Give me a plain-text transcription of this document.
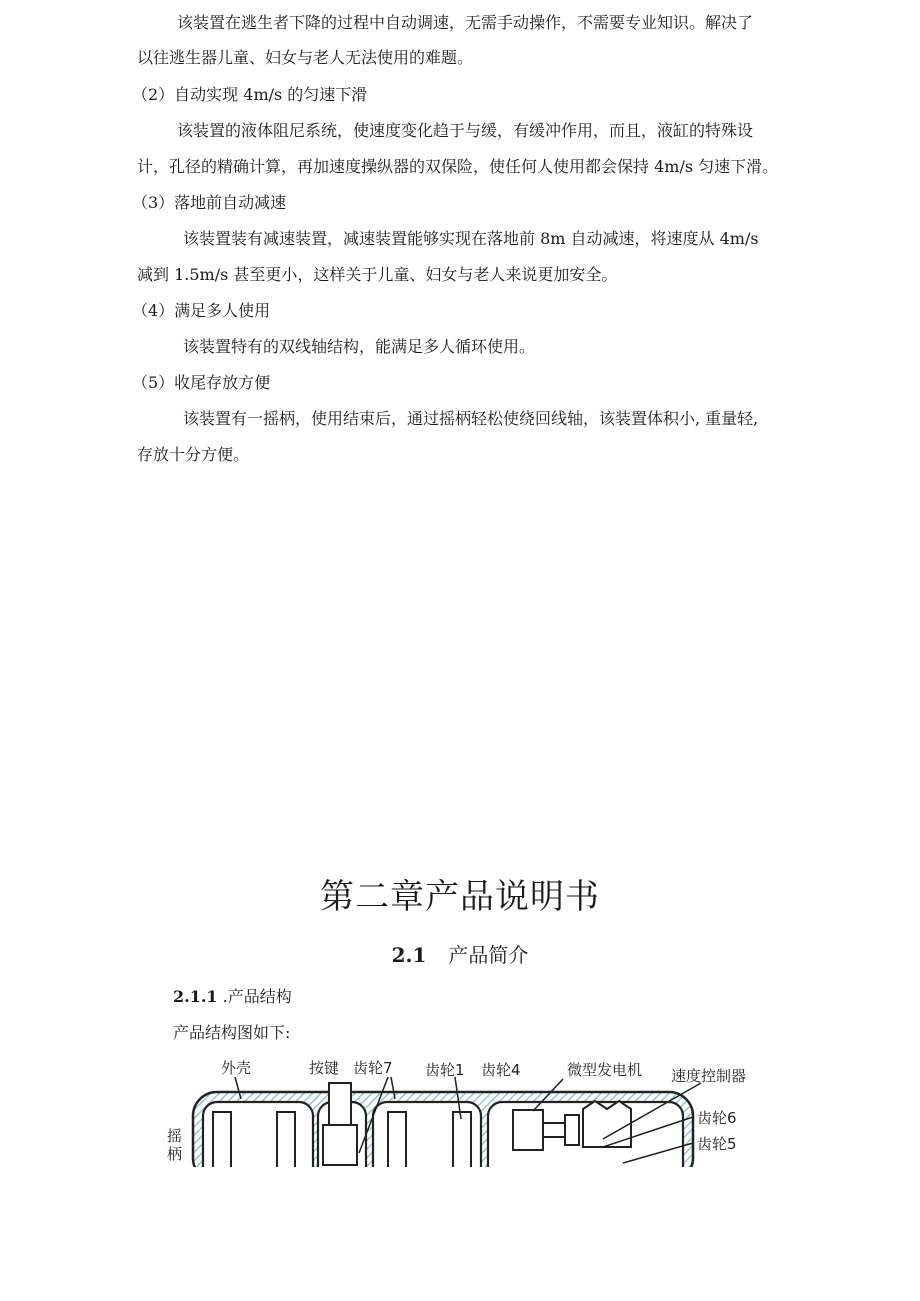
该装置在逃生者下降的过程中自动调速，无需手动操作，不需要专业知识。解决了
以往逃生器儿童、妇女与老人无法使用的难题。
（2）自动实现 4m/s 的匀速下滑
该装置的液体阻尼系统，使速度变化趋于与缓，有缓冲作用，而且，液缸的特殊设
计，孔径的精确计算，再加速度操纵器的双保险，使任何人使用都会保持 4m/s 匀速下滑。
（3）落地前自动减速
该装置装有减速装置，减速装置能够实现在落地前 8m 自动减速，将速度从 4m/s
减到 1.5m/s 甚至更小，这样关于儿童、妇女与老人来说更加安全。
（4）满足多人使用
该装置特有的双线轴结构，能满足多人循环使用。
（5）收尾存放方便
该装置有一摇柄，使用结束后，通过摇柄轻松使绕回线轴，该装置体积小, 重量轻,
存放十分方便。
第二章产品说明书
2.1 产品简介
2.1.1 .产品结构
产品结构图如下:
外壳	按键 齿轮7 齿轮1 齿轮4	微型发电机 速度控制器
齿轮6
齿轮5
摇柄
